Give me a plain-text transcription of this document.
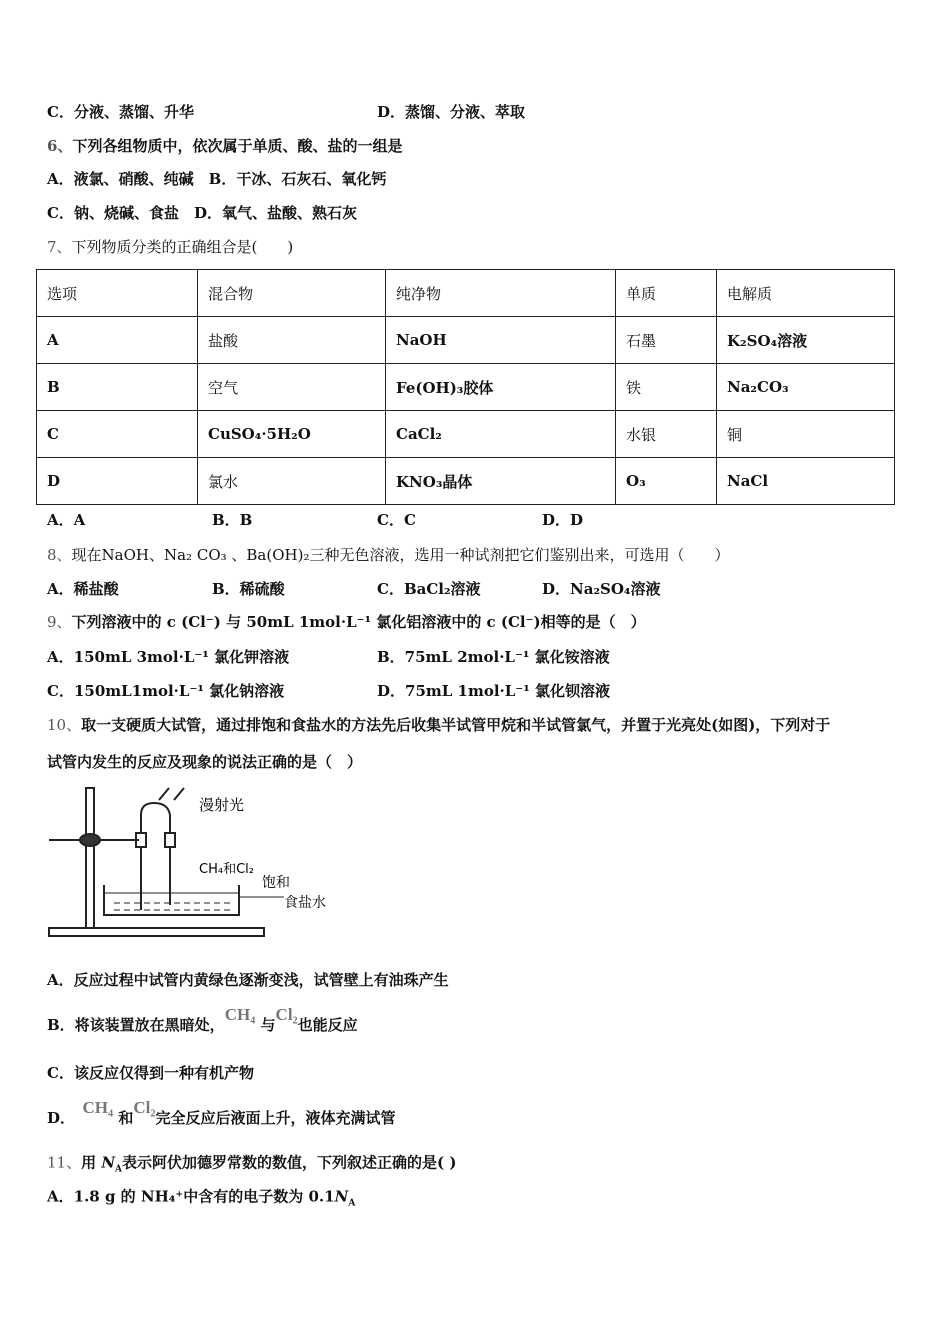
C．分液、蒸馏、升华	D．蒸馏、分液、萃取
6、下列各组物质中，依次属于单质、酸、盐的一组是
A．液氯、硝酸、纯碱　B．干冰、石灰石、氧化钙
C．钠、烧碱、食盐　D．氧气、盐酸、熟石灰
7、下列物质分类的正确组合是(　　)
选项	混合物	纯净物	单质	电解质
A	盐酸	NaOH	石墨	K₂SO₄溶液
B	空气	Fe(OH)₃胶体	铁	Na₂CO₃
C	CuSO₄·5H₂O	CaCl₂	水银	铜
D	氯水	KNO₃晶体	O₃	NaCl
A．A	B．B	C．C	D．D
8、现在NaOH、Na₂ CO₃ 、Ba(OH)₂三种无色溶液，选用一种试剂把它们鉴别出来，可选用（　　）
A．稀盐酸	B．稀硫酸	C．BaCl₂溶液	D．Na₂SO₄溶液
9、下列溶液中的 c (Cl⁻) 与 50mL 1mol·L⁻¹ 氯化铝溶液中的 c (Cl⁻)相等的是（　）
A．150mL 3mol·L⁻¹ 氯化钾溶液	B．75mL 2mol·L⁻¹ 氯化铵溶液
C．150mL1mol·L⁻¹ 氯化钠溶液	D．75mL 1mol·L⁻¹ 氯化钡溶液
10、取一支硬质大试管，通过排饱和食盐水的方法先后收集半试管甲烷和半试管氯气，并置于光亮处(如图)，下列对于
试管内发生的反应及现象的说法正确的是（　）
漫射光
CH₄和Cl₂
饱和
食盐水
A．反应过程中试管内黄绿色逐渐变浅，试管壁上有油珠产生
B．将该装置放在黑暗处，CH₄ 与Cl₂也能反应
C．该反应仅得到一种有机产物
D．　CH₄ 和Cl₂完全反应后液面上升，液体充满试管
11、用 $N_A$表示阿伏加德罗常数的数值，下列叙述正确的是( )
A．1.8 g 的 NH₄⁺中含有的电子数为 $0.1N_A$
